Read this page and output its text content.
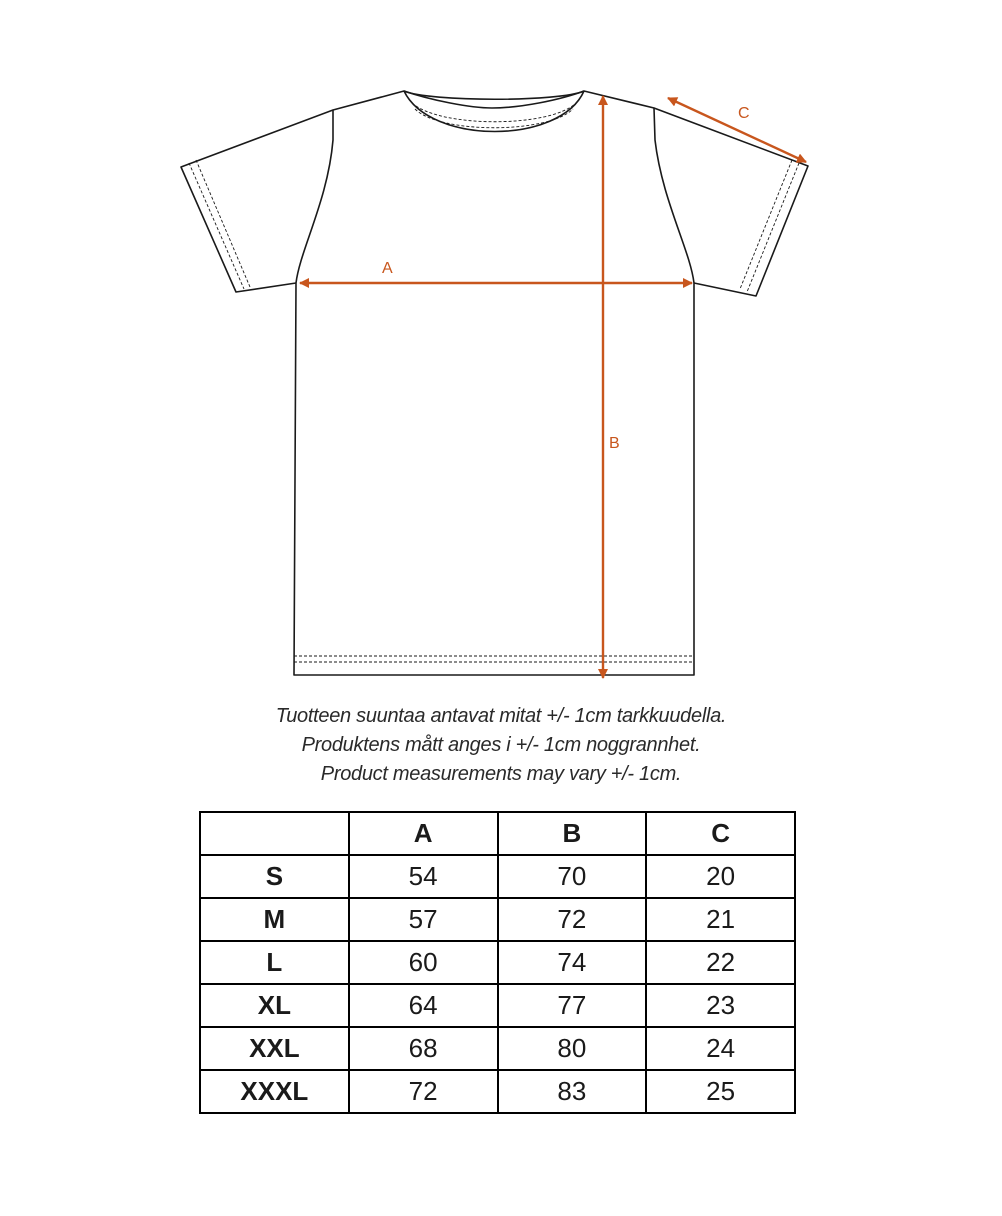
A
B
C
Tuotteen suuntaa antavat mitat +/- 1cm tarkkuudella.
Produktens mått anges i +/- 1cm noggrannhet.
Product measurements may vary +/- 1cm.
	A	B	C
S	54	70	20
M	57	72	21
L	60	74	22
XL	64	77	23
XXL	68	80	24
XXXL	72	83	25
